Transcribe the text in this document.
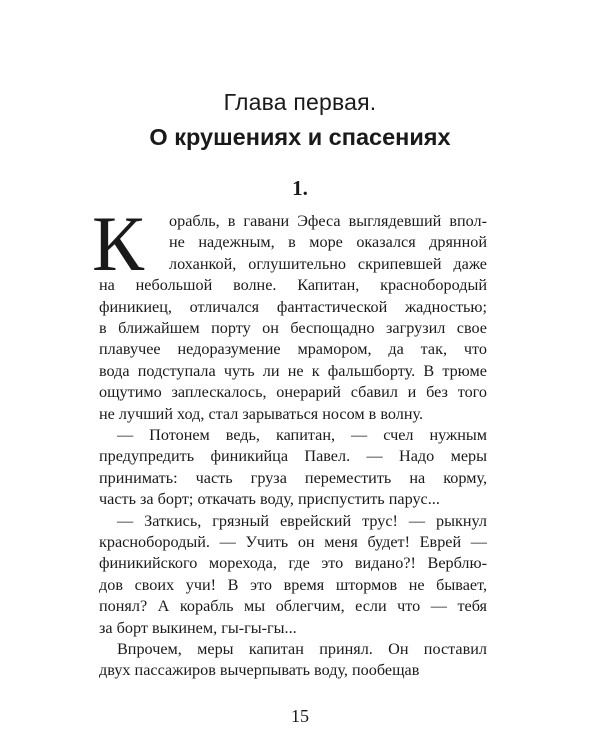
Глава первая.
О крушениях и спасениях
1.
К	орабль, в гавани Эфеса выглядевший впол-
не надежным, в море оказался дрянной
лоханкой, оглушительно скрипевшей даже
на небольшой волне. Капитан, краснобородый
финикиец, отличался фантастической жадностью;
в ближайшем порту он беспощадно загрузил свое
плавучее недоразумение мрамором, да так, что
вода подступала чуть ли не к фальшборту. В трюме
ощутимо заплескалось, онерарий сбавил и без того
не лучший ход, стал зарываться носом в волну.
— Потонем ведь, капитан, — счел нужным
предупредить финикийца Павел. — Надо меры
принимать: часть груза переместить на корму,
часть за борт; откачать воду, приспустить парус...
— Заткись, грязный еврейский трус! — рыкнул
краснобородый. — Учить он меня будет! Еврей —
финикийского морехода, где это видано?! Верблю-
дов своих учи! В это время штормов не бывает,
понял? А корабль мы облегчим, если что — тебя
за борт выкинем, гы-гы-гы...
15
Впрочем, меры капитан принял. Он поставил
двух пассажиров вычерпывать воду, пообещав
